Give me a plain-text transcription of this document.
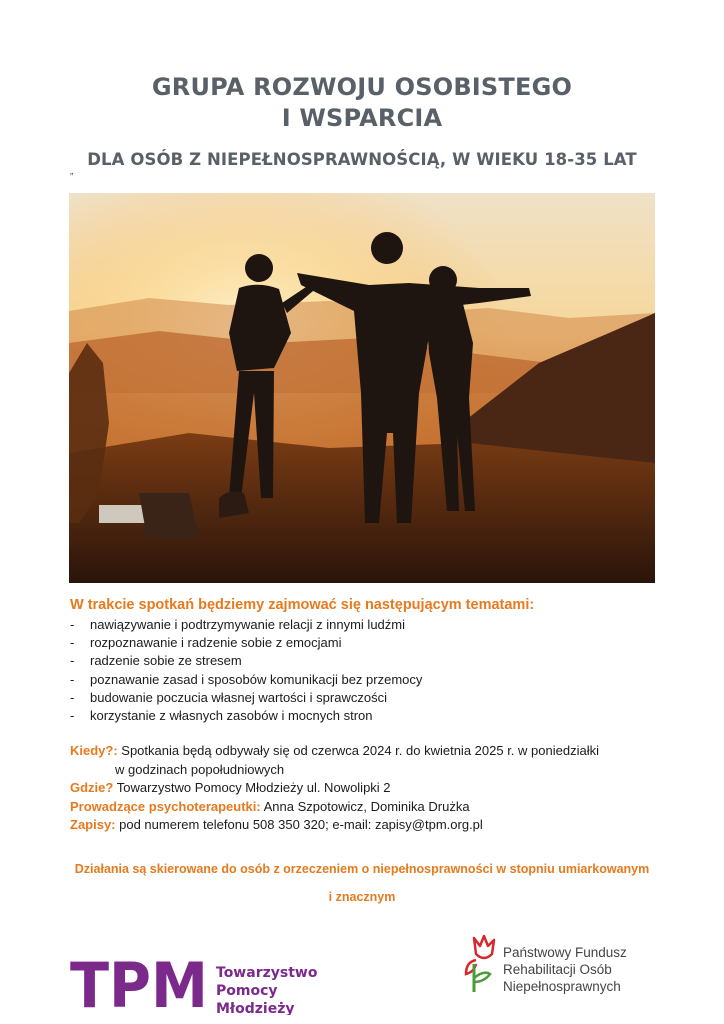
GRUPA ROZWOJU OSOBISTEGO
I WSPARCIA
„
DLA OSÓB Z NIEPEŁNOSPRAWNOŚCIĄ, W WIEKU 18-35 LAT
W trakcie spotkań będziemy zajmować się następującym tematami:
- nawiązywanie i podtrzymywanie relacji z innymi ludźmi
- rozpoznawanie i radzenie sobie z emocjami
- radzenie sobie ze stresem
- poznawanie zasad i sposobów komunikacji bez przemocy
- budowanie poczucia własnej wartości i sprawczości
- korzystanie z własnych zasobów i mocnych stron
Kiedy?: Spotkania będą odbywały się od czerwca 2024 r. do kwietnia 2025 r. w poniedziałki
w godzinach popołudniowych
Gdzie? Towarzystwo Pomocy Młodzieży ul. Nowolipki 2
Prowadzące psychoterapeutki: Anna Szpotowicz, Dominika Drużka
Zapisy: pod numerem telefonu 508 350 320; e-mail: zapisy@tpm.org.pl
Działania są skierowane do osób z orzeczeniem o niepełnosprawności w stopniu umiarkowanym
i znacznym
TPM Towarzystwo
Pomocy
Młodzieży
Państwowy Fundusz
Rehabilitacji Osób
Niepełnosprawnych
